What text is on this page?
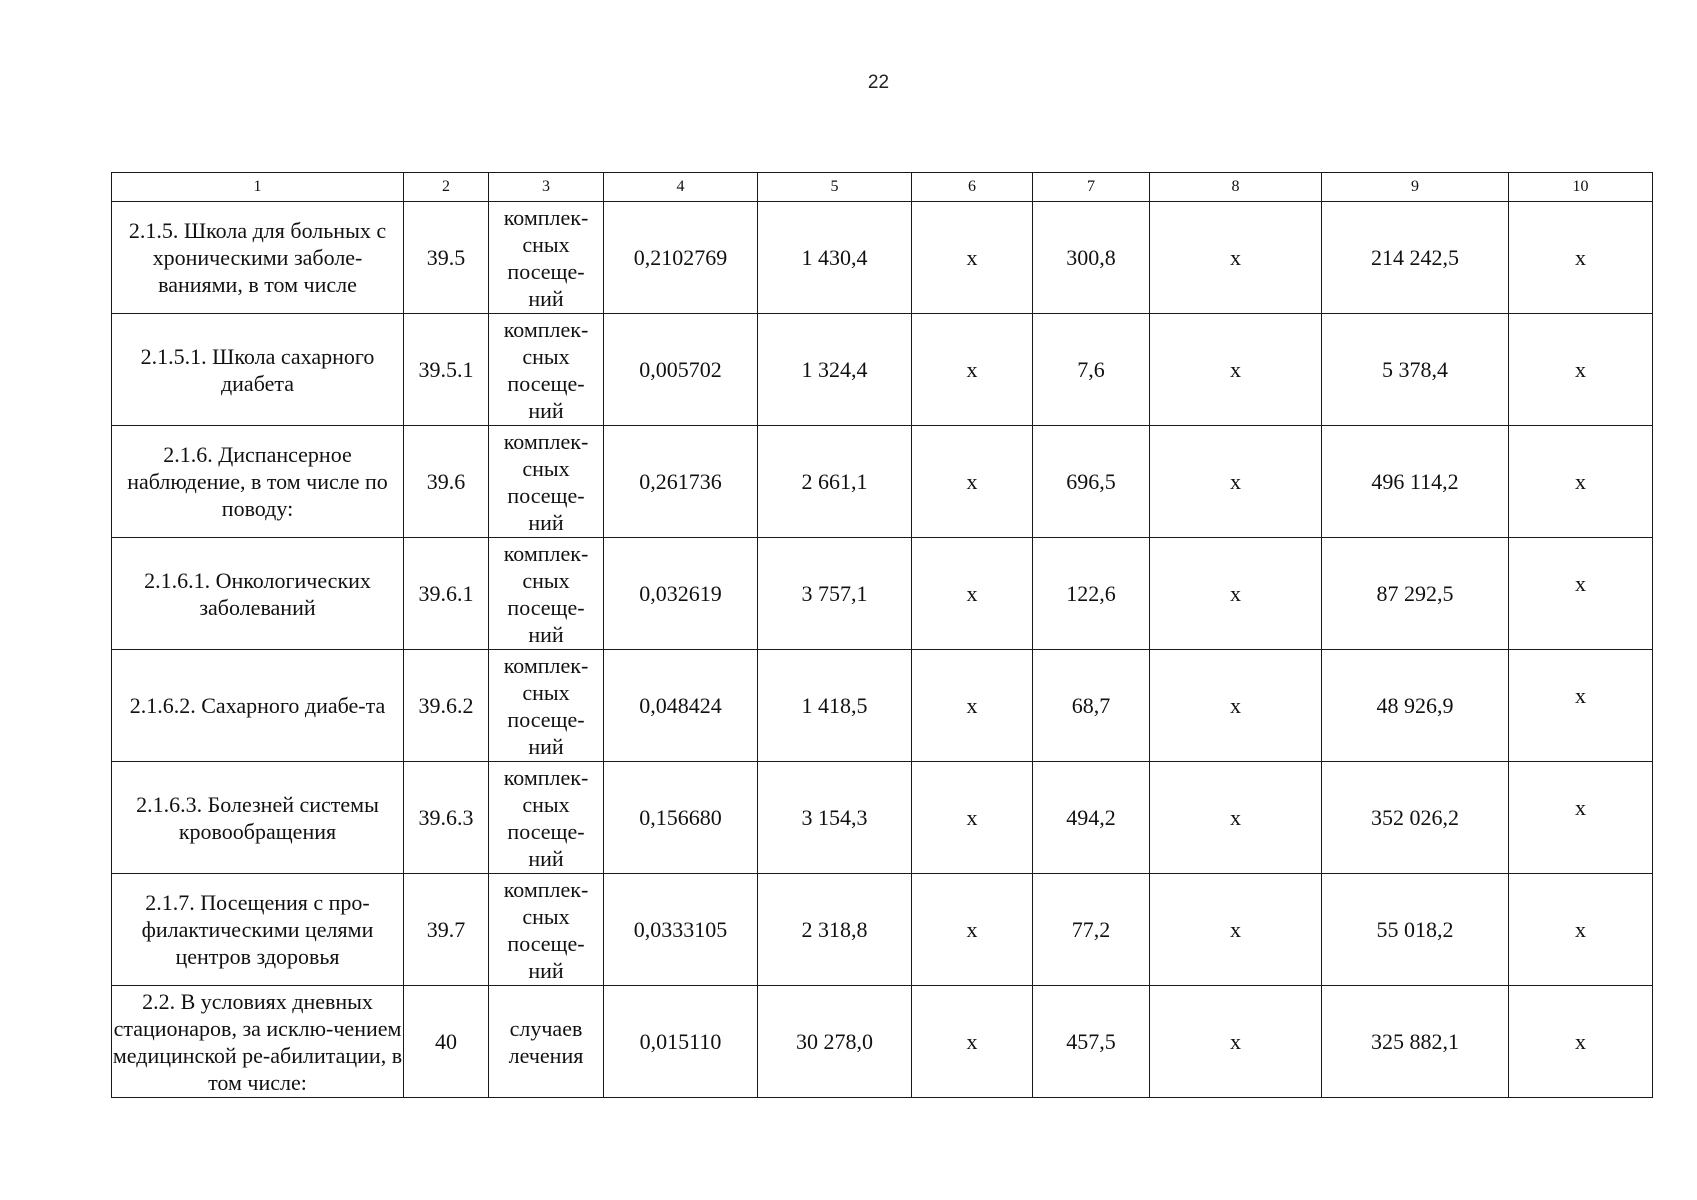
22
1	2	3	4	5	6	7	8	9	10
2.1.5. Школа для больных с хроническими заболе-ваниями, в том числе	39.5	комплек-
сных
посеще-
ний	0,2102769	1 430,4	х	300,8	х	214 242,5	х
2.1.5.1. Школа сахарного диабета	39.5.1	комплек-
сных
посеще-
ний	0,005702	1 324,4	х	7,6	х	5 378,4	х
2.1.6. Диспансерное наблюдение, в том числе по поводу:	39.6	комплек-
сных
посеще-
ний	0,261736	2 661,1	х	696,5	х	496 114,2	х
2.1.6.1. Онкологических заболеваний	39.6.1	комплек-
сных
посеще-
ний	0,032619	3 757,1	х	122,6	х	87 292,5	х
2.1.6.2. Сахарного диабе-та	39.6.2	комплек-
сных
посеще-
ний	0,048424	1 418,5	х	68,7	х	48 926,9	х
2.1.6.3. Болезней системы кровообращения	39.6.3	комплек-
сных
посеще-
ний	0,156680	3 154,3	х	494,2	х	352 026,2	х
2.1.7. Посещения с про-филактическими целями центров здоровья	39.7	комплек-
сных
посеще-
ний	0,0333105	2 318,8	х	77,2	х	55 018,2	х
2.2. В условиях дневных стационаров, за исклю-чением медицинской ре-абилитации, в том числе:	40	случаев
лечения	0,015110	30 278,0	х	457,5	х	325 882,1	х
